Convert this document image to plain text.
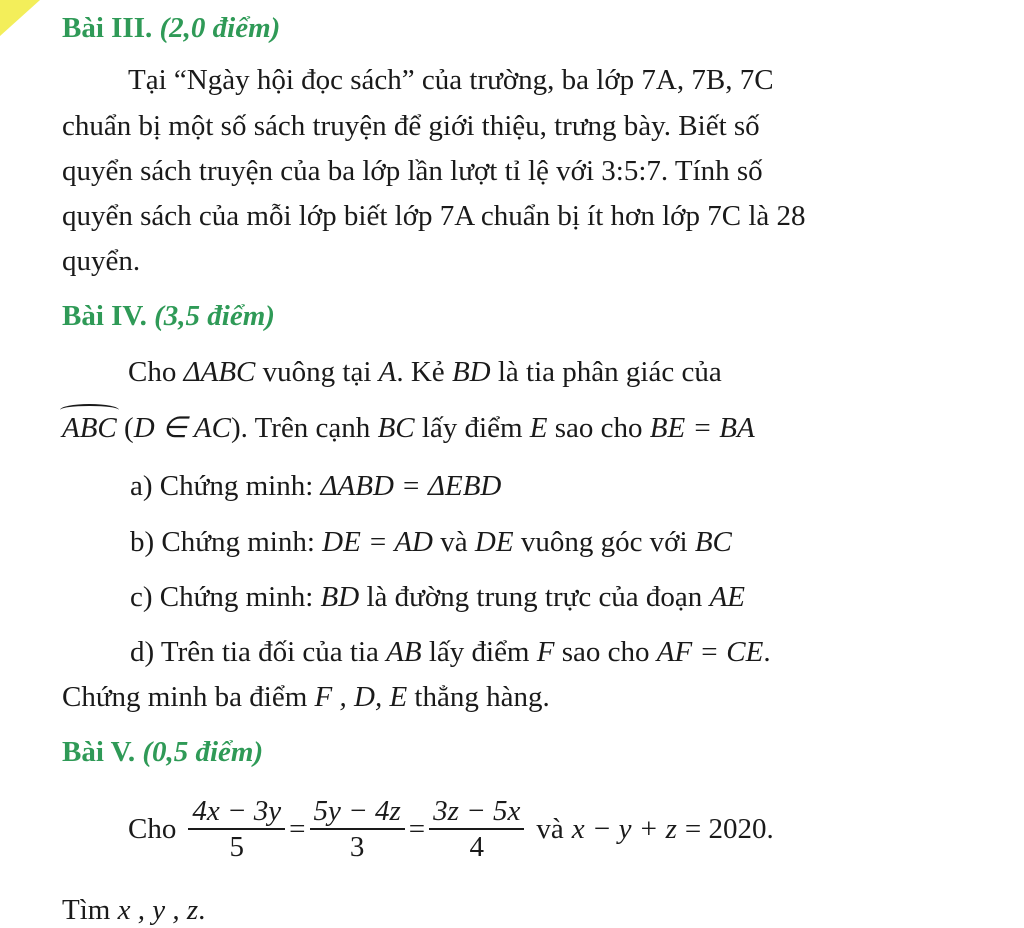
Bài III. (2,0 điểm)
Tại “Ngày hội đọc sách” của trường, ba lớp 7A, 7B, 7C
chuẩn bị một số sách truyện để giới thiệu, trưng bày. Biết số
quyển sách truyện của ba lớp lần lượt tỉ lệ với 3:5:7. Tính số
quyển sách của mỗi lớp biết lớp 7A chuẩn bị ít hơn lớp 7C là 28
quyển.
Bài IV. (3,5 điểm)
Cho ΔABC vuông tại A. Kẻ BD là tia phân giác của
ABC (D ∈ AC). Trên cạnh BC lấy điểm E sao cho BE = BA
a) Chứng minh: ΔABD = ΔEBD
b) Chứng minh: DE = AD và DE vuông góc với BC
c) Chứng minh: BD là đường trung trực của đoạn AE
d) Trên tia đối của tia AB lấy điểm F sao cho AF = CE.
Chứng minh ba điểm F , D, E thẳng hàng.
Bài V. (0,5 điểm)
Cho $\frac{4x - 3y}{5} = \frac{5y - 4z}{3} = \frac{3z - 5x}{4}$ và x − y + z = 2020.
Tìm x , y , z.
